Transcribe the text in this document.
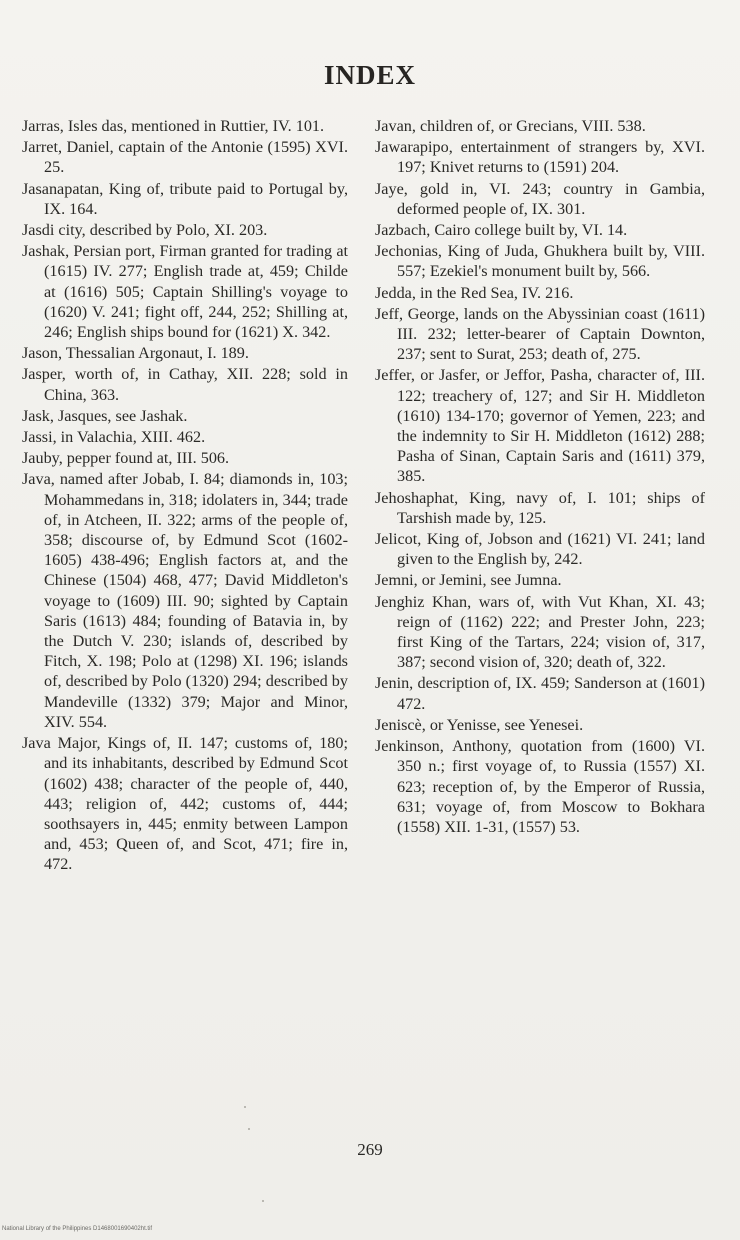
INDEX

Jarras, Isles das, mentioned in Ruttier, IV. 101.

Jarret, Daniel, captain of the Antonie (1595) XVI. 25.

Jasanapatan, King of, tribute paid to Portugal by, IX. 164.

Jasdi city, described by Polo, XI. 203.

Jashak, Persian port, Firman granted for trading at (1615) IV. 277; English trade at, 459; Childe at (1616) 505; Captain Shilling's voyage to (1620) V. 241; fight off, 244, 252; Shilling at, 246; English ships bound for (1621) X. 342.

Jason, Thessalian Argonaut, I. 189.

Jasper, worth of, in Cathay, XII. 228; sold in China, 363.

Jask, Jasques, see Jashak.

Jassi, in Valachia, XIII. 462.

Jauby, pepper found at, III. 506.

Java, named after Jobab, I. 84; diamonds in, 103; Mohammedans in, 318; idolaters in, 344; trade of, in Atcheen, II. 322; arms of the people of, 358; discourse of, by Edmund Scot (1602-1605) 438-496; English factors at, and the Chinese (1504) 468, 477; David Middleton's voyage to (1609) III. 90; sighted by Captain Saris (1613) 484; founding of Batavia in, by the Dutch V. 230; islands of, described by Fitch, X. 198; Polo at (1298) XI. 196; islands of, described by Polo (1320) 294; described by Mandeville (1332) 379; Major and Minor, XIV. 554.

Java Major, Kings of, II. 147; customs of, 180; and its inhabitants, described by Edmund Scot (1602) 438; character of the people of, 440, 443; religion of, 442; customs of, 444; soothsayers in, 445; enmity between Lampon and, 453; Queen of, and Scot, 471; fire in, 472.

Javan, children of, or Grecians, VIII. 538.

Jawarapipo, entertainment of strangers by, XVI. 197; Knivet returns to (1591) 204.

Jaye, gold in, VI. 243; country in Gambia, deformed people of, IX. 301.

Jazbach, Cairo college built by, VI. 14.

Jechonias, King of Juda, Ghukhera built by, VIII. 557; Ezekiel's monument built by, 566.

Jedda, in the Red Sea, IV. 216.

Jeff, George, lands on the Abyssinian coast (1611) III. 232; letter-bearer of Captain Downton, 237; sent to Surat, 253; death of, 275.

Jeffer, or Jasfer, or Jeffor, Pasha, character of, III. 122; treachery of, 127; and Sir H. Middleton (1610) 134-170; governor of Yemen, 223; and the indemnity to Sir H. Middleton (1612) 288; Pasha of Sinan, Captain Saris and (1611) 379, 385.

Jehoshaphat, King, navy of, I. 101; ships of Tarshish made by, 125.

Jelicot, King of, Jobson and (1621) VI. 241; land given to the English by, 242.

Jemni, or Jemini, see Jumna.

Jenghiz Khan, wars of, with Vut Khan, XI. 43; reign of (1162) 222; and Prester John, 223; first King of the Tartars, 224; vision of, 317, 387; second vision of, 320; death of, 322.

Jenin, description of, IX. 459; Sanderson at (1601) 472.

Jeniscè, or Yenisse, see Yenesei.

Jenkinson, Anthony, quotation from (1600) VI. 350 n.; first voyage of, to Russia (1557) XI. 623; reception of, by the Emperor of Russia, 631; voyage of, from Moscow to Bokhara (1558) XII. 1-31, (1557) 53.

269
National Library of the Philippines D1468001690402ht.tif
